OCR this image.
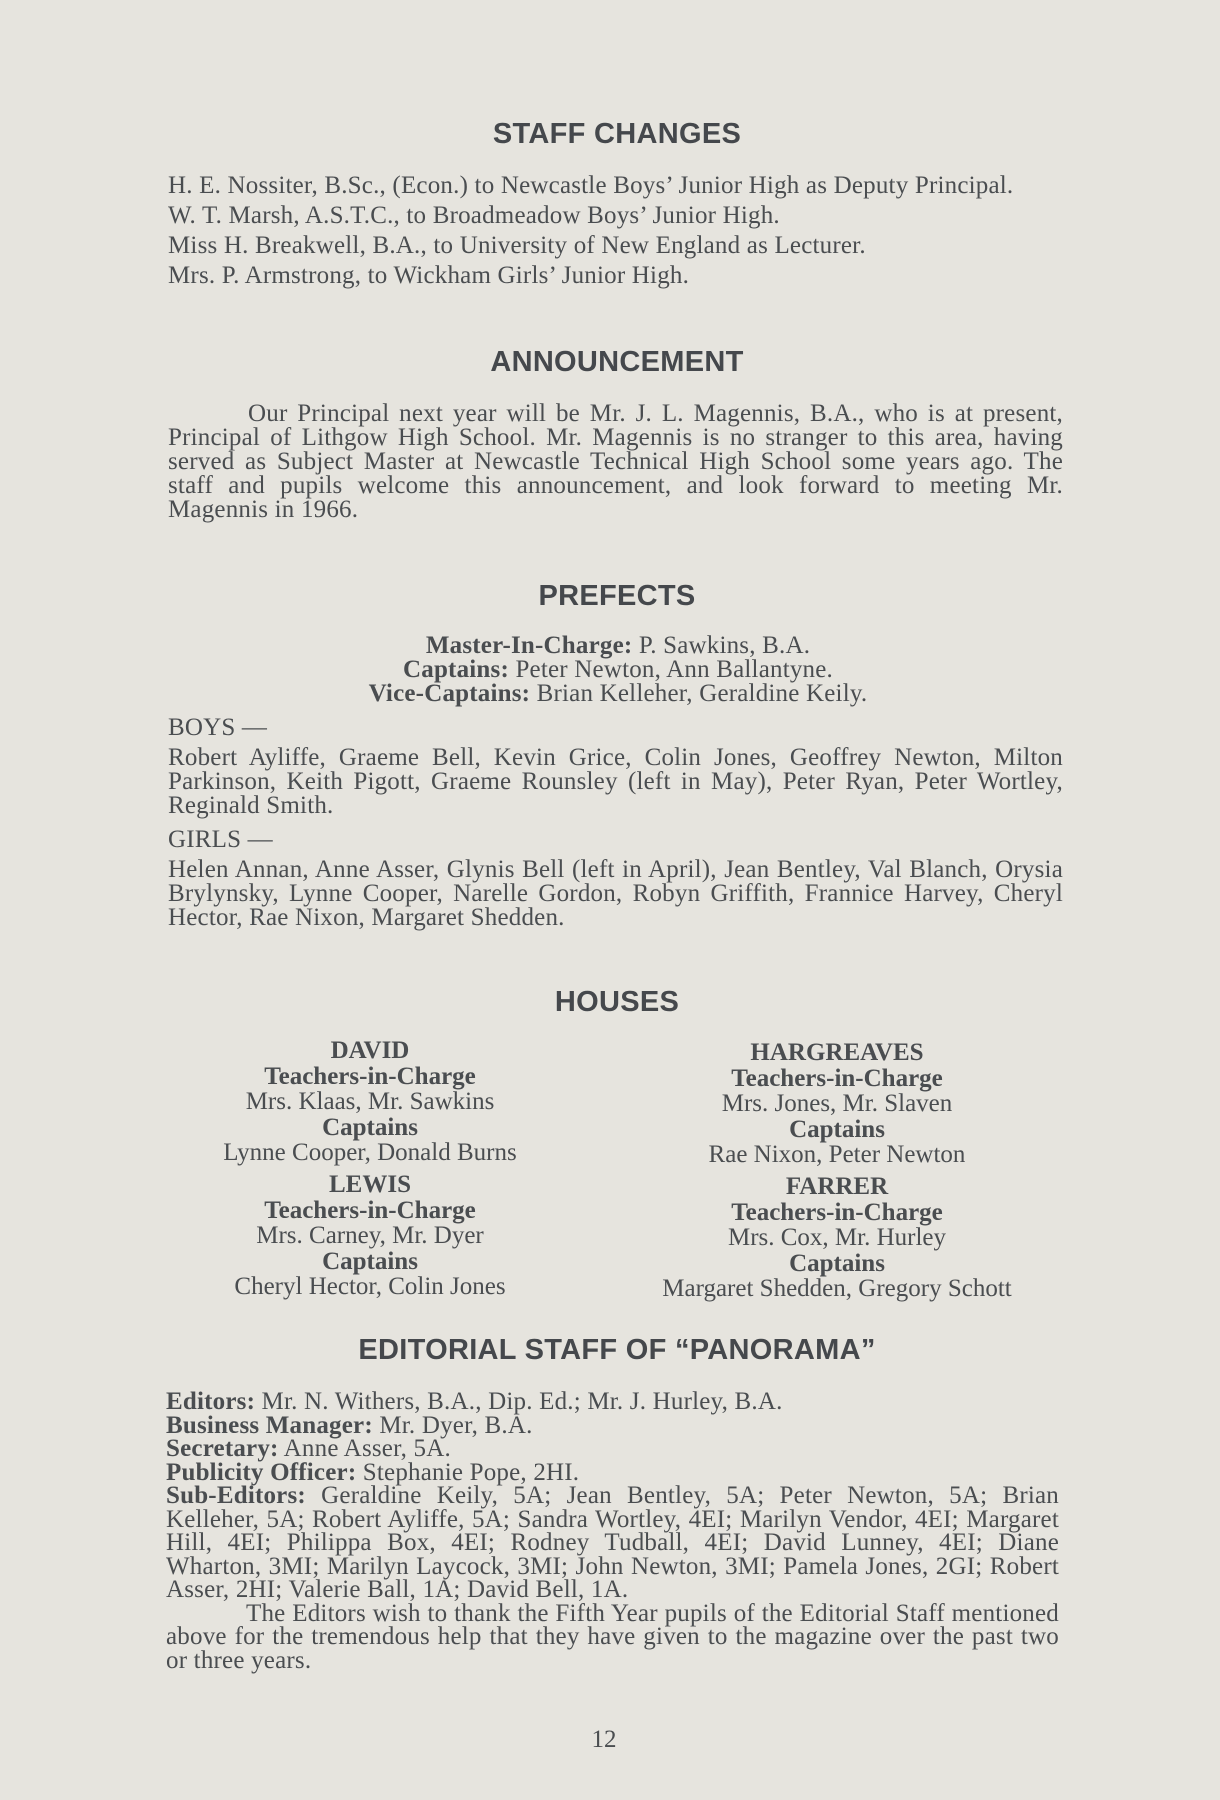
STAFF CHANGES
H. E. Nossiter, B.Sc., (Econ.) to Newcastle Boys’ Junior High as Deputy Principal.
W. T. Marsh, A.S.T.C., to Broadmeadow Boys’ Junior High.
Miss H. Breakwell, B.A., to University of New England as Lecturer.
Mrs. P. Armstrong, to Wickham Girls’ Junior High.
ANNOUNCEMENT
Our Principal next year will be Mr. J. L. Magennis, B.A., who is at present, Principal of Lithgow High School. Mr. Magennis is no stranger to this area, having served as Subject Master at Newcastle Technical High School some years ago. The staff and pupils welcome this announcement, and look forward to meeting Mr. Magennis in 1966.
PREFECTS
Master-In-Charge: P. Sawkins, B.A.
Captains: Peter Newton, Ann Ballantyne.
Vice-Captains: Brian Kelleher, Geraldine Keily.
BOYS —
Robert Ayliffe, Graeme Bell, Kevin Grice, Colin Jones, Geoffrey Newton, Milton Parkinson, Keith Pigott, Graeme Rounsley (left in May), Peter Ryan, Peter Wortley, Reginald Smith.
GIRLS —
Helen Annan, Anne Asser, Glynis Bell (left in April), Jean Bentley, Val Blanch, Orysia Brylynsky, Lynne Cooper, Narelle Gordon, Robyn Griffith, Frannice Harvey, Cheryl Hector, Rae Nixon, Margaret Shedden.
HOUSES
DAVID
Teachers-in-Charge
Mrs. Klaas, Mr. Sawkins
Captains
Lynne Cooper, Donald Burns
HARGREAVES
Teachers-in-Charge
Mrs. Jones, Mr. Slaven
Captains
Rae Nixon, Peter Newton
LEWIS
Teachers-in-Charge
Mrs. Carney, Mr. Dyer
Captains
Cheryl Hector, Colin Jones
FARRER
Teachers-in-Charge
Mrs. Cox, Mr. Hurley
Captains
Margaret Shedden, Gregory Schott
EDITORIAL STAFF OF “PANORAMA”
Editors: Mr. N. Withers, B.A., Dip. Ed.; Mr. J. Hurley, B.A.
Business Manager: Mr. Dyer, B.A.
Secretary: Anne Asser, 5A.
Publicity Officer: Stephanie Pope, 2HI.
Sub-Editors: Geraldine Keily, 5A; Jean Bentley, 5A; Peter Newton, 5A; Brian Kelleher, 5A; Robert Ayliffe, 5A; Sandra Wortley, 4EI; Marilyn Vendor, 4EI; Margaret Hill, 4EI; Philippa Box, 4EI; Rodney Tudball, 4EI; David Lunney, 4EI; Diane Wharton, 3MI; Marilyn Laycock, 3MI; John Newton, 3MI; Pamela Jones, 2GI; Robert Asser, 2HI; Valerie Ball, 1A; David Bell, 1A.
The Editors wish to thank the Fifth Year pupils of the Editorial Staff mentioned above for the tremendous help that they have given to the magazine over the past two or three years.
12
